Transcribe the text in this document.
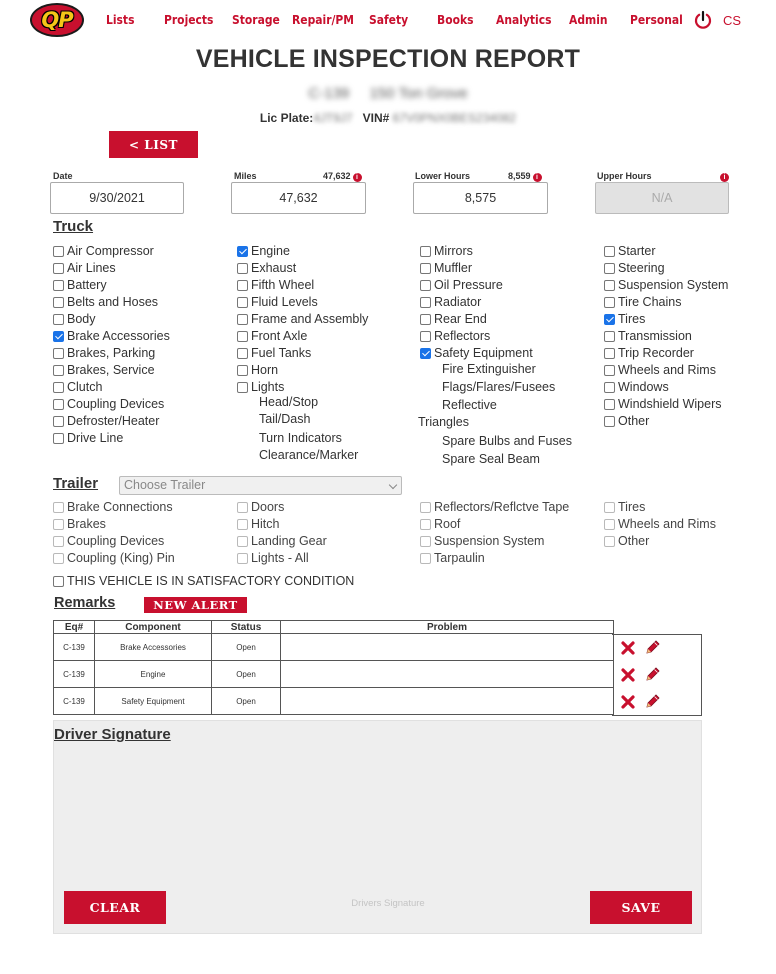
QP	Lists Projects Storage Repair/PM Safety Books Analytics Admin Personal	CS
VEHICLE INSPECTION REPORT
C-139 150 Ton Grove
Lic Plate:4JT9J7 VIN# 67V0PNX0BES234082
< LIST
Date
9/30/2021	Miles	47,632 i
47,632	Lower Hours	8,559 i
8,575	Upper Hours	i
N/A
Truck
Air Compressor
Air Lines
Battery
Belts and Hoses
Body
Brake Accessories
Brakes, Parking
Brakes, Service
Clutch
Coupling Devices
Defroster/Heater
Drive Line
Engine
Exhaust
Fifth Wheel
Fluid Levels
Frame and Assembly
Front Axle
Fuel Tanks
Horn
Lights
Mirrors
Muffler
Oil Pressure
Radiator
Rear End
Reflectors
Safety Equipment
Starter
Steering
Suspension System
Tire Chains
Tires
Transmission
Trip Recorder
Wheels and Rims
Windows
Windshield Wipers
Other
Head/Stop
Tail/Dash
Turn Indicators
Clearance/Marker
Fire Extinguisher
Flags/Flares/Fusees
Reflective
Triangles
Spare Bulbs and Fuses
Spare Seal Beam
Trailer	Choose Trailer
Brake Connections
Brakes
Coupling Devices
Coupling (King) Pin
Doors
Hitch
Landing Gear
Lights - All
Reflectors/Reflctve Tape
Roof
Suspension System
Tarpaulin
Tires
Wheels and Rims
Other
THIS VEHICLE IS IN SATISFACTORY CONDITION
Remarks	NEW ALERT
Eq#	Component	Status	Problem
C-139	Brake Accessories	Open	
C-139	Engine	Open	
C-139	Safety Equipment	Open	
Driver Signature
Drivers Signature
CLEAR	SAVE
